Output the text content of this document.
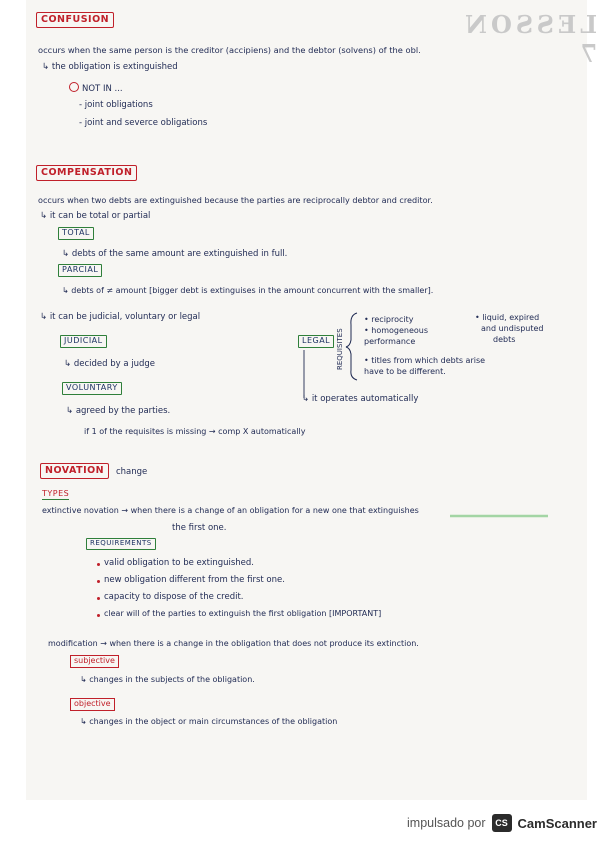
LESSON 7
CONFUSION
occurs when the same person is the creditor (accipiens) and the debtor (solvens) of the obl.
↳ the obligation is extinguished
NOT IN ...
- joint obligations
- joint and severce obligations
COMPENSATION
occurs when two debts are extinguished because the parties are reciprocally debtor and creditor.
↳ it can be total or partial
TOTAL
↳ debts of the same amount are extinguished in full.
PARCIAL
↳ debts of ≠ amount [bigger debt is extinguises in the amount concurrent with the smaller].
↳ it can be judicial, voluntary or legal
JUDICIAL
↳ decided by a judge
VOLUNTARY
↳ agreed by the parties.
if 1 of the requisites is missing → comp X automatically
LEGAL REQUISITES
• reciprocity
• homogeneous
performance
• titles from which debts arise
have to be different.
• liquid, expired
and undisputed
debts
↳ it operates automatically
NOVATION	change
TYPES
extinctive novation → when there is a change of an obligation for a new one that extinguishes
the first one.
REQUIREMENTS
valid obligation to be extinguished.
new obligation different from the first one.
capacity to dispose of the credit.
clear will of the parties to extinguish the first obligation [IMPORTANT]
modification → when there is a change in the obligation that does not produce its extinction.
subjective
↳ changes in the subjects of the obligation.
objective
↳ changes in the object or main circumstances of the obligation
impulsado por	CS CamScanner
